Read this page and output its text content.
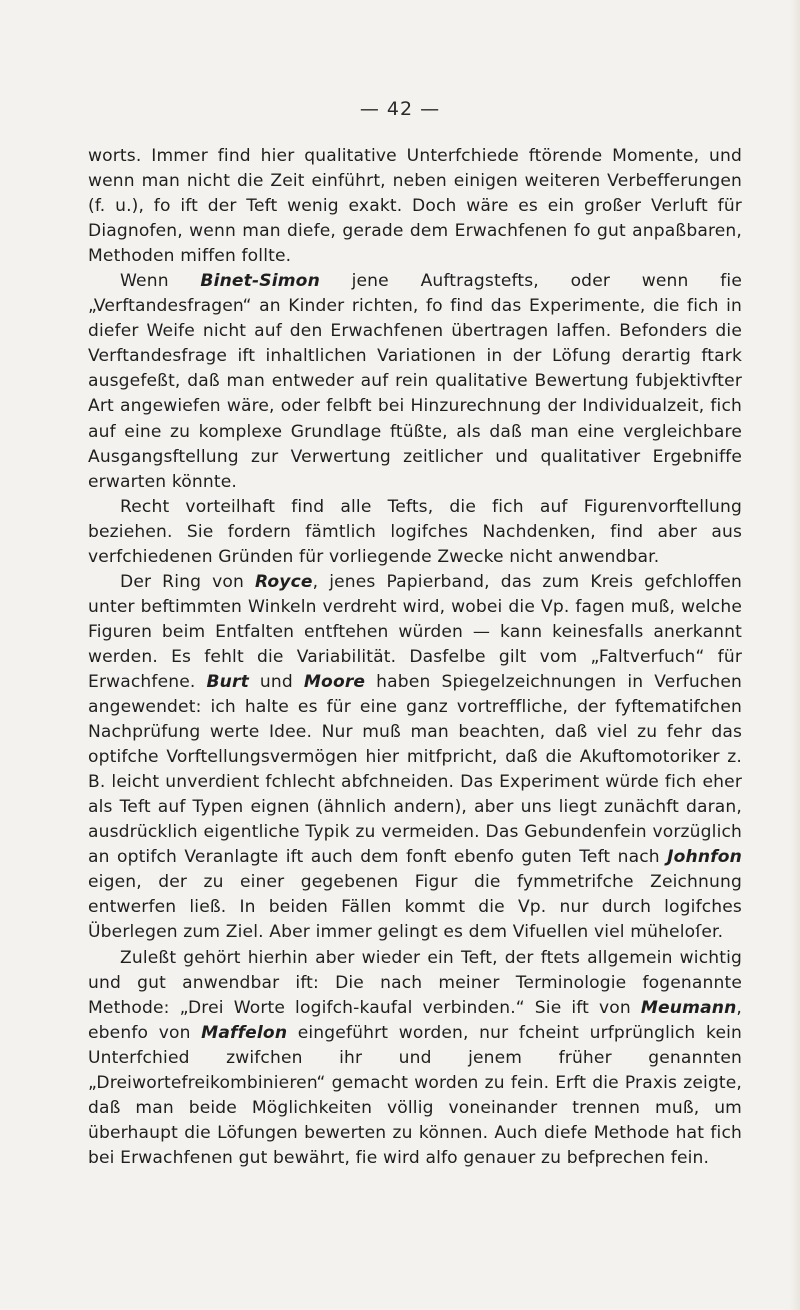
— 42 —

worts. Immer find hier qualitative Unterfchiede ftörende Momente, und wenn man nicht die Zeit einführt, neben einigen weiteren Verbefferungen (f. u.), fo ift der Teft wenig exakt. Doch wäre es ein großer Verluft für Diagnofen, wenn man diefe, gerade dem Erwachfenen fo gut anpaßbaren, Methoden miffen follte.

Wenn Binet-Simon jene Auftragstefts, oder wenn fie „Verftandesfragen“ an Kinder richten, fo find das Experimente, die fich in diefer Weife nicht auf den Erwachfenen übertragen laffen. Befonders die Verftandesfrage ift inhaltlichen Variationen in der Löfung derartig ftark ausgefeßt, daß man entweder auf rein qualitative Bewertung fubjektivfter Art angewiefen wäre, oder felbft bei Hinzurechnung der Individualzeit, fich auf eine zu komplexe Grundlage ftüßte, als daß man eine vergleichbare Ausgangsftellung zur Verwertung zeitlicher und qualitativer Ergebniffe erwarten könnte.

Recht vorteilhaft find alle Tefts, die fich auf Figurenvorftellung beziehen. Sie fordern fämtlich logifches Nachdenken, find aber aus verfchiedenen Gründen für vorliegende Zwecke nicht anwendbar.

Der Ring von Royce, jenes Papierband, das zum Kreis gefchloffen unter beftimmten Winkeln verdreht wird, wobei die Vp. fagen muß, welche Figuren beim Entfalten entftehen würden — kann keinesfalls anerkannt werden. Es fehlt die Variabilität. Dasfelbe gilt vom „Faltverfuch“ für Erwachfene. Burt und Moore haben Spiegelzeichnungen in Verfuchen angewendet: ich halte es für eine ganz vortreffliche, der fyftematifchen Nachprüfung werte Idee. Nur muß man beachten, daß viel zu fehr das optifche Vorftellungsvermögen hier mitfpricht, daß die Akuftomotoriker z. B. leicht unverdient fchlecht abfchneiden. Das Experiment würde fich eher als Teft auf Typen eignen (ähnlich andern), aber uns liegt zunächft daran, ausdrücklich eigentliche Typik zu vermeiden. Das Gebundenfein vorzüglich an optifch Veranlagte ift auch dem fonft ebenfo guten Teft nach Johnfon eigen, der zu einer gegebenen Figur die fymmetrifche Zeichnung entwerfen ließ. In beiden Fällen kommt die Vp. nur durch logifches Überlegen zum Ziel. Aber immer gelingt es dem Vifuellen viel müheloſer.

Zuleßt gehört hierhin aber wieder ein Teft, der ftets allgemein wichtig und gut anwendbar ift: Die nach meiner Terminologie fogenannte Methode: „Drei Worte logifch-kaufal verbinden.“ Sie ift von Meumann, ebenfo von Maffelon eingeführt worden, nur fcheint urfprünglich kein Unterfchied zwifchen ihr und jenem früher genannten „Dreiwortefreikombinieren“ gemacht worden zu fein. Erft die Praxis zeigte, daß man beide Möglichkeiten völlig voneinander trennen muß, um überhaupt die Löfungen bewerten zu können. Auch diefe Methode hat fich bei Erwachfenen gut bewährt, fie wird alfo genauer zu befprechen fein.
